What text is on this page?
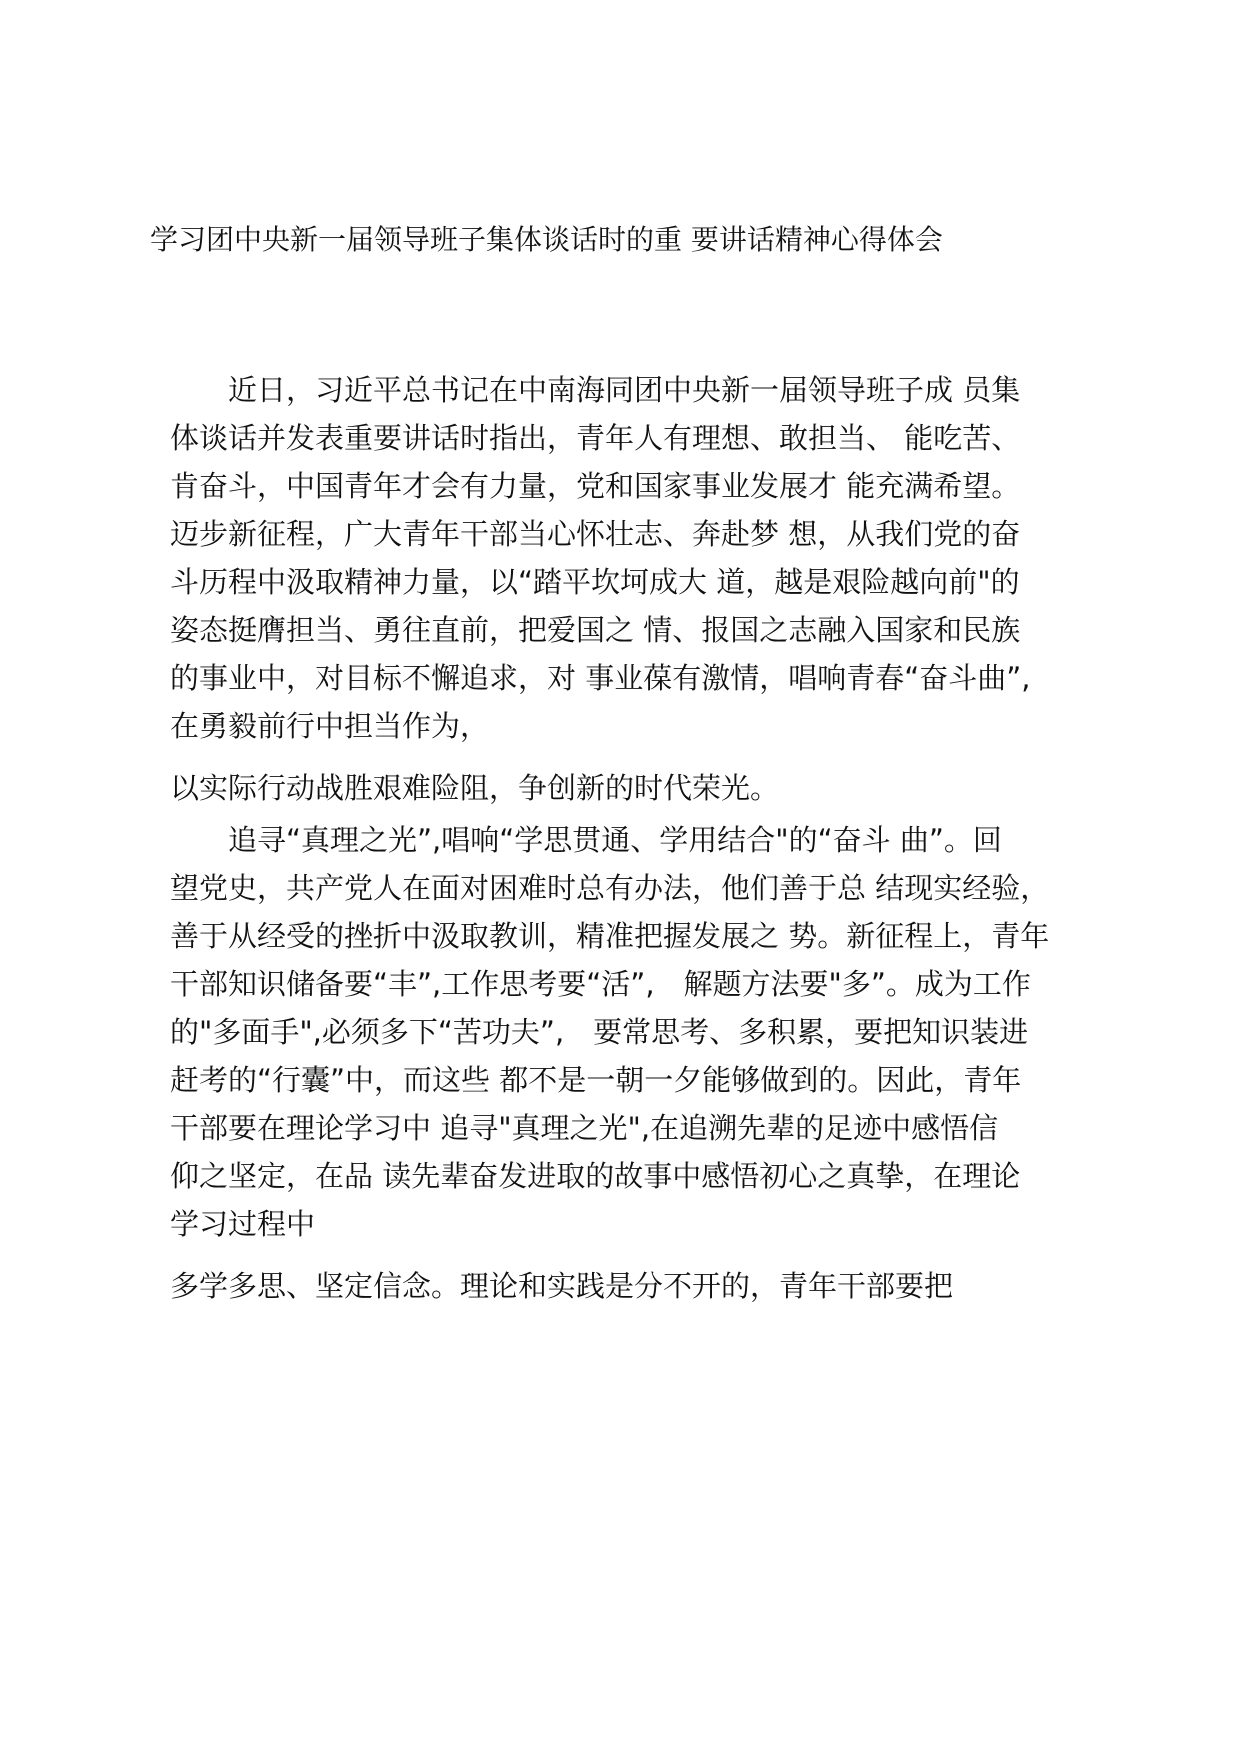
学习团中央新一届领导班子集体谈话时的重 要讲话精神心得体会
　　近日，习近平总书记在中南海同团中央新一届领导班子成 员集
体谈话并发表重要讲话时指出，青年人有理想、敢担当、 能吃苦、
肯奋斗，中国青年才会有力量，党和国家事业发展才 能充满希望。
迈步新征程，广大青年干部当心怀壮志、奔赴梦 想，从我们党的奋
斗历程中汲取精神力量，以“踏平坎坷成大 道，越是艰险越向前"的
姿态挺膺担当、勇往直前，把爱国之 情、报国之志融入国家和民族
的事业中，对目标不懈追求，对 事业葆有激情，唱响青春“奋斗曲”,
在勇毅前行中担当作为，
以实际行动战胜艰难险阻，争创新的时代荣光。
　　追寻“真理之光”,唱响“学思贯通、学用结合"的“奋斗 曲”。回
望党史，共产党人在面对困难时总有办法，他们善于总 结现实经验，
善于从经受的挫折中汲取教训，精准把握发展之 势。新征程上，青年
干部知识储备要“丰”,工作思考要“活”,　解题方法要"多”。成为工作
的"多面手",必须多下“苦功夫”,　要常思考、多积累，要把知识装进
赶考的“行囊”中，而这些 都不是一朝一夕能够做到的。因此，青年
干部要在理论学习中 追寻"真理之光",在追溯先辈的足迹中感悟信
仰之坚定，在品 读先辈奋发进取的故事中感悟初心之真挚，在理论
学习过程中
多学多思、坚定信念。理论和实践是分不开的，青年干部要把
